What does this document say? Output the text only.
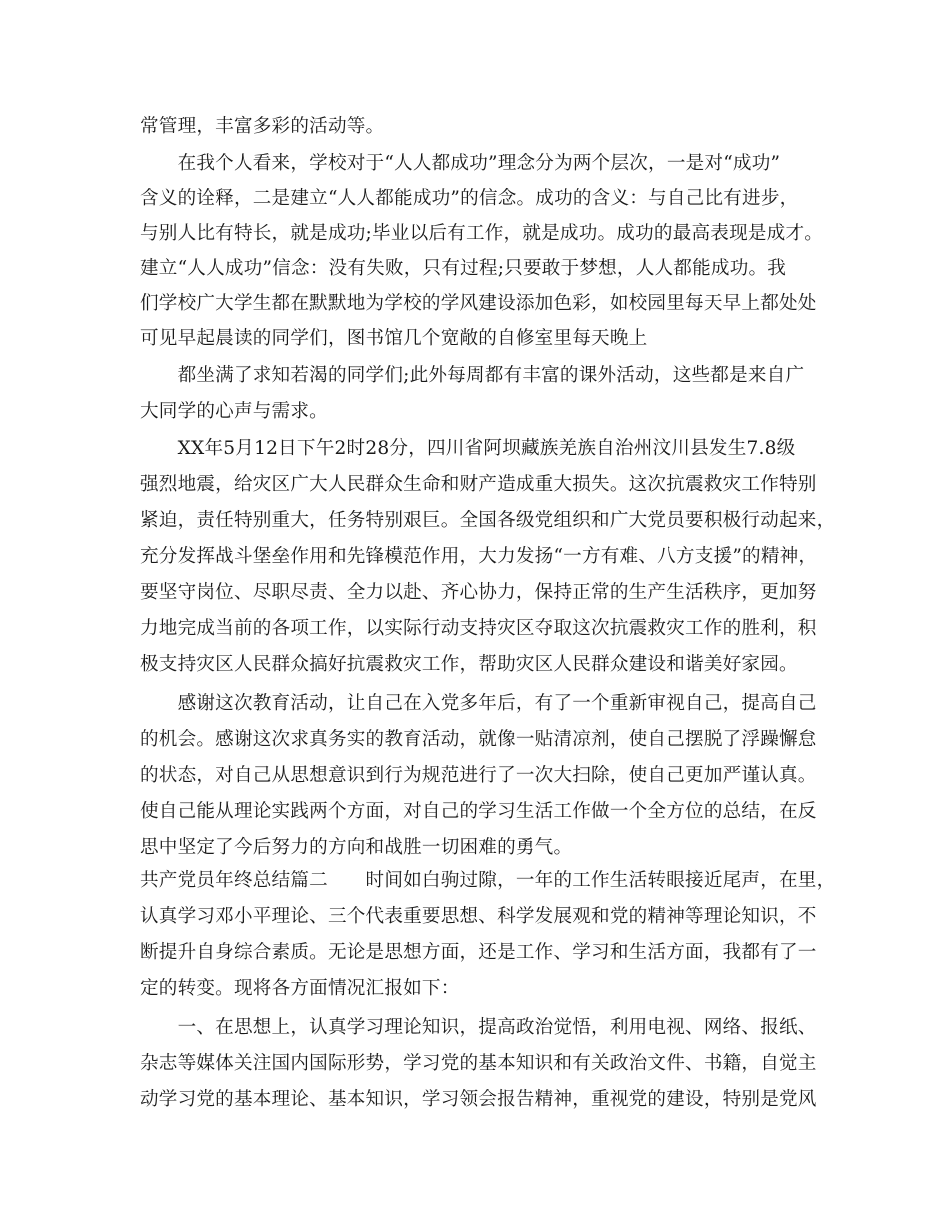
常管理，丰富多彩的活动等。
　　在我个人看来，学校对于“人人都成功”理念分为两个层次，一是对“成功”
含义的诠释，二是建立“人人都能成功”的信念。成功的含义：与自己比有进步，
与别人比有特长，就是成功;毕业以后有工作，就是成功。成功的最高表现是成才。
建立“人人成功”信念：没有失败，只有过程;只要敢于梦想，人人都能成功。我
们学校广大学生都在默默地为学校的学风建设添加色彩，如校园里每天早上都处处
可见早起晨读的同学们，图书馆几个宽敞的自修室里每天晚上
　　都坐满了求知若渴的同学们;此外每周都有丰富的课外活动，这些都是来自广
大同学的心声与需求。
　　XX年5月12日下午2时28分，四川省阿坝藏族羌族自治州汶川县发生7.8级
强烈地震，给灾区广大人民群众生命和财产造成重大损失。这次抗震救灾工作特别
紧迫，责任特别重大，任务特别艰巨。全国各级党组织和广大党员要积极行动起来，
充分发挥战斗堡垒作用和先锋模范作用，大力发扬“一方有难、八方支援”的精神，
要坚守岗位、尽职尽责、全力以赴、齐心协力，保持正常的生产生活秩序，更加努
力地完成当前的各项工作，以实际行动支持灾区夺取这次抗震救灾工作的胜利，积
极支持灾区人民群众搞好抗震救灾工作，帮助灾区人民群众建设和谐美好家园。
　　感谢这次教育活动，让自己在入党多年后，有了一个重新审视自己，提高自己
的机会。感谢这次求真务实的教育活动，就像一贴清凉剂，使自己摆脱了浮躁懈怠
的状态，对自己从思想意识到行为规范进行了一次大扫除，使自己更加严谨认真。
使自己能从理论实践两个方面，对自己的学习生活工作做一个全方位的总结，在反
思中坚定了今后努力的方向和战胜一切困难的勇气。
共产党员年终总结篇二　　时间如白驹过隙，一年的工作生活转眼接近尾声，在里，
认真学习邓小平理论、三个代表重要思想、科学发展观和党的精神等理论知识，不
断提升自身综合素质。无论是思想方面，还是工作、学习和生活方面，我都有了一
定的转变。现将各方面情况汇报如下：
　　一、在思想上，认真学习理论知识，提高政治觉悟，利用电视、网络、报纸、
杂志等媒体关注国内国际形势，学习党的基本知识和有关政治文件、书籍，自觉主
动学习党的基本理论、基本知识，学习领会报告精神，重视党的建设，特别是党风
